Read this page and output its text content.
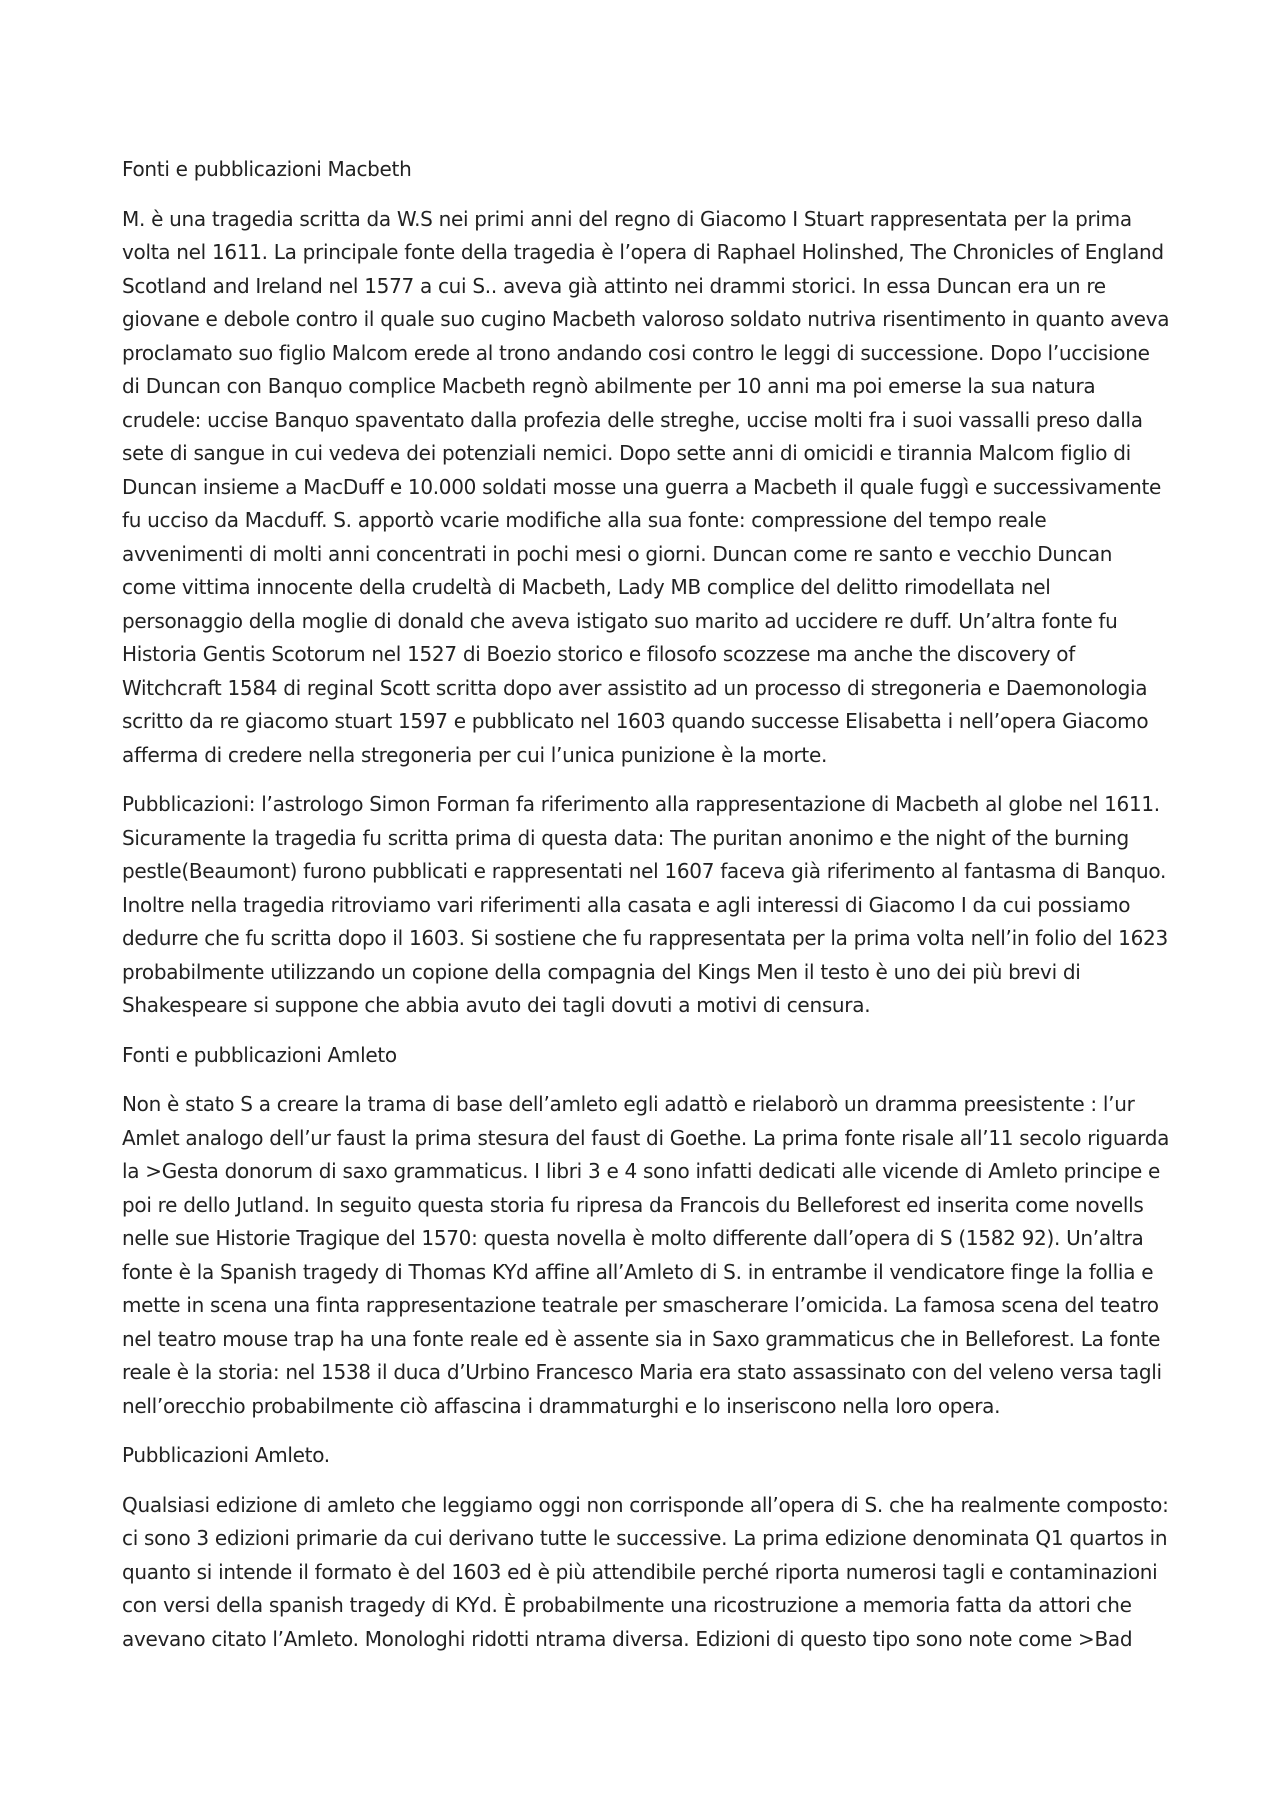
Fonti e pubblicazioni Macbeth

M. è una tragedia scritta da W.S nei primi anni del regno di Giacomo I Stuart rappresentata per la prima volta nel 1611. La principale fonte della tragedia è l’opera di Raphael Holinshed, The Chronicles of England Scotland and Ireland nel 1577 a cui S.. aveva già attinto nei drammi storici. In essa Duncan era un re giovane e debole contro il quale suo cugino Macbeth valoroso soldato nutriva risentimento in quanto aveva proclamato suo figlio Malcom erede al trono andando cosi contro le leggi di successione. Dopo l’uccisione di Duncan con Banquo complice Macbeth regnò abilmente per 10 anni ma poi emerse la sua natura crudele: uccise Banquo spaventato dalla profezia delle streghe, uccise molti fra i suoi vassalli preso dalla sete di sangue in cui vedeva dei potenziali nemici. Dopo sette anni di omicidi e tirannia Malcom figlio di Duncan insieme a MacDuff e 10.000 soldati mosse una guerra a Macbeth il quale fuggì e successivamente fu ucciso da Macduff. S. apportò vcarie modifiche alla sua fonte: compressione del tempo reale avvenimenti di molti anni concentrati in pochi mesi o giorni. Duncan come re santo e vecchio Duncan come vittima innocente della crudeltà di Macbeth, Lady MB complice del delitto rimodellata nel personaggio della moglie di donald che aveva istigato suo marito ad uccidere re duff. Un’altra fonte fu Historia Gentis Scotorum nel 1527 di Boezio storico e filosofo scozzese ma anche the discovery of Witchcraft 1584 di reginal Scott scritta dopo aver assistito ad un processo di stregoneria e Daemonologia scritto da re giacomo stuart 1597 e pubblicato nel 1603 quando successe Elisabetta i nell’opera Giacomo afferma di credere nella stregoneria per cui l’unica punizione è la morte.

Pubblicazioni: l’astrologo Simon Forman fa riferimento alla rappresentazione di Macbeth al globe nel 1611. Sicuramente la tragedia fu scritta prima di questa data: The puritan anonimo e the night of the burning pestle(Beaumont) furono pubblicati e rappresentati nel 1607 faceva già riferimento al fantasma di Banquo. Inoltre nella tragedia ritroviamo vari riferimenti alla casata e agli interessi di Giacomo I da cui possiamo dedurre che fu scritta dopo il 1603. Si sostiene che fu rappresentata per la prima volta nell’in folio del 1623 probabilmente utilizzando un copione della compagnia del Kings Men il testo è uno dei più brevi di Shakespeare si suppone che abbia avuto dei tagli dovuti a motivi di censura.

Fonti e pubblicazioni Amleto

Non è stato S a creare la trama di base dell’amleto egli adattò e rielaborò un dramma preesistente : l’ur Amlet analogo dell’ur faust la prima stesura del faust di Goethe. La prima fonte risale all’11 secolo riguarda la >Gesta donorum di saxo grammaticus. I libri 3 e 4 sono infatti dedicati alle vicende di Amleto principe e poi re dello Jutland. In seguito questa storia fu ripresa da Francois du Belleforest ed inserita come novells nelle sue Historie Tragique del 1570: questa novella è molto differente dall’opera di S (1582 92). Un’altra fonte è la Spanish tragedy di Thomas KYd affine all’Amleto di S. in entrambe il vendicatore finge la follia e mette in scena una finta rappresentazione teatrale per smascherare l’omicida. La famosa scena del teatro nel teatro mouse trap ha una fonte reale ed è assente sia in Saxo grammaticus che in Belleforest. La fonte reale è la storia: nel 1538 il duca d’Urbino Francesco Maria era stato assassinato con del veleno versa tagli nell’orecchio probabilmente ciò affascina i drammaturghi e lo inseriscono nella loro opera.

Pubblicazioni Amleto.

Qualsiasi edizione di amleto che leggiamo oggi non corrisponde all’opera di S. che ha realmente composto: ci sono 3 edizioni primarie da cui derivano tutte le successive. La prima edizione denominata Q1 quartos in quanto si intende il formato è del 1603 ed è più attendibile perché riporta numerosi tagli e contaminazioni con versi della spanish tragedy di KYd. È probabilmente una ricostruzione a memoria fatta da attori che avevano citato l’Amleto. Monologhi ridotti ntrama diversa. Edizioni di questo tipo sono note come >Bad
